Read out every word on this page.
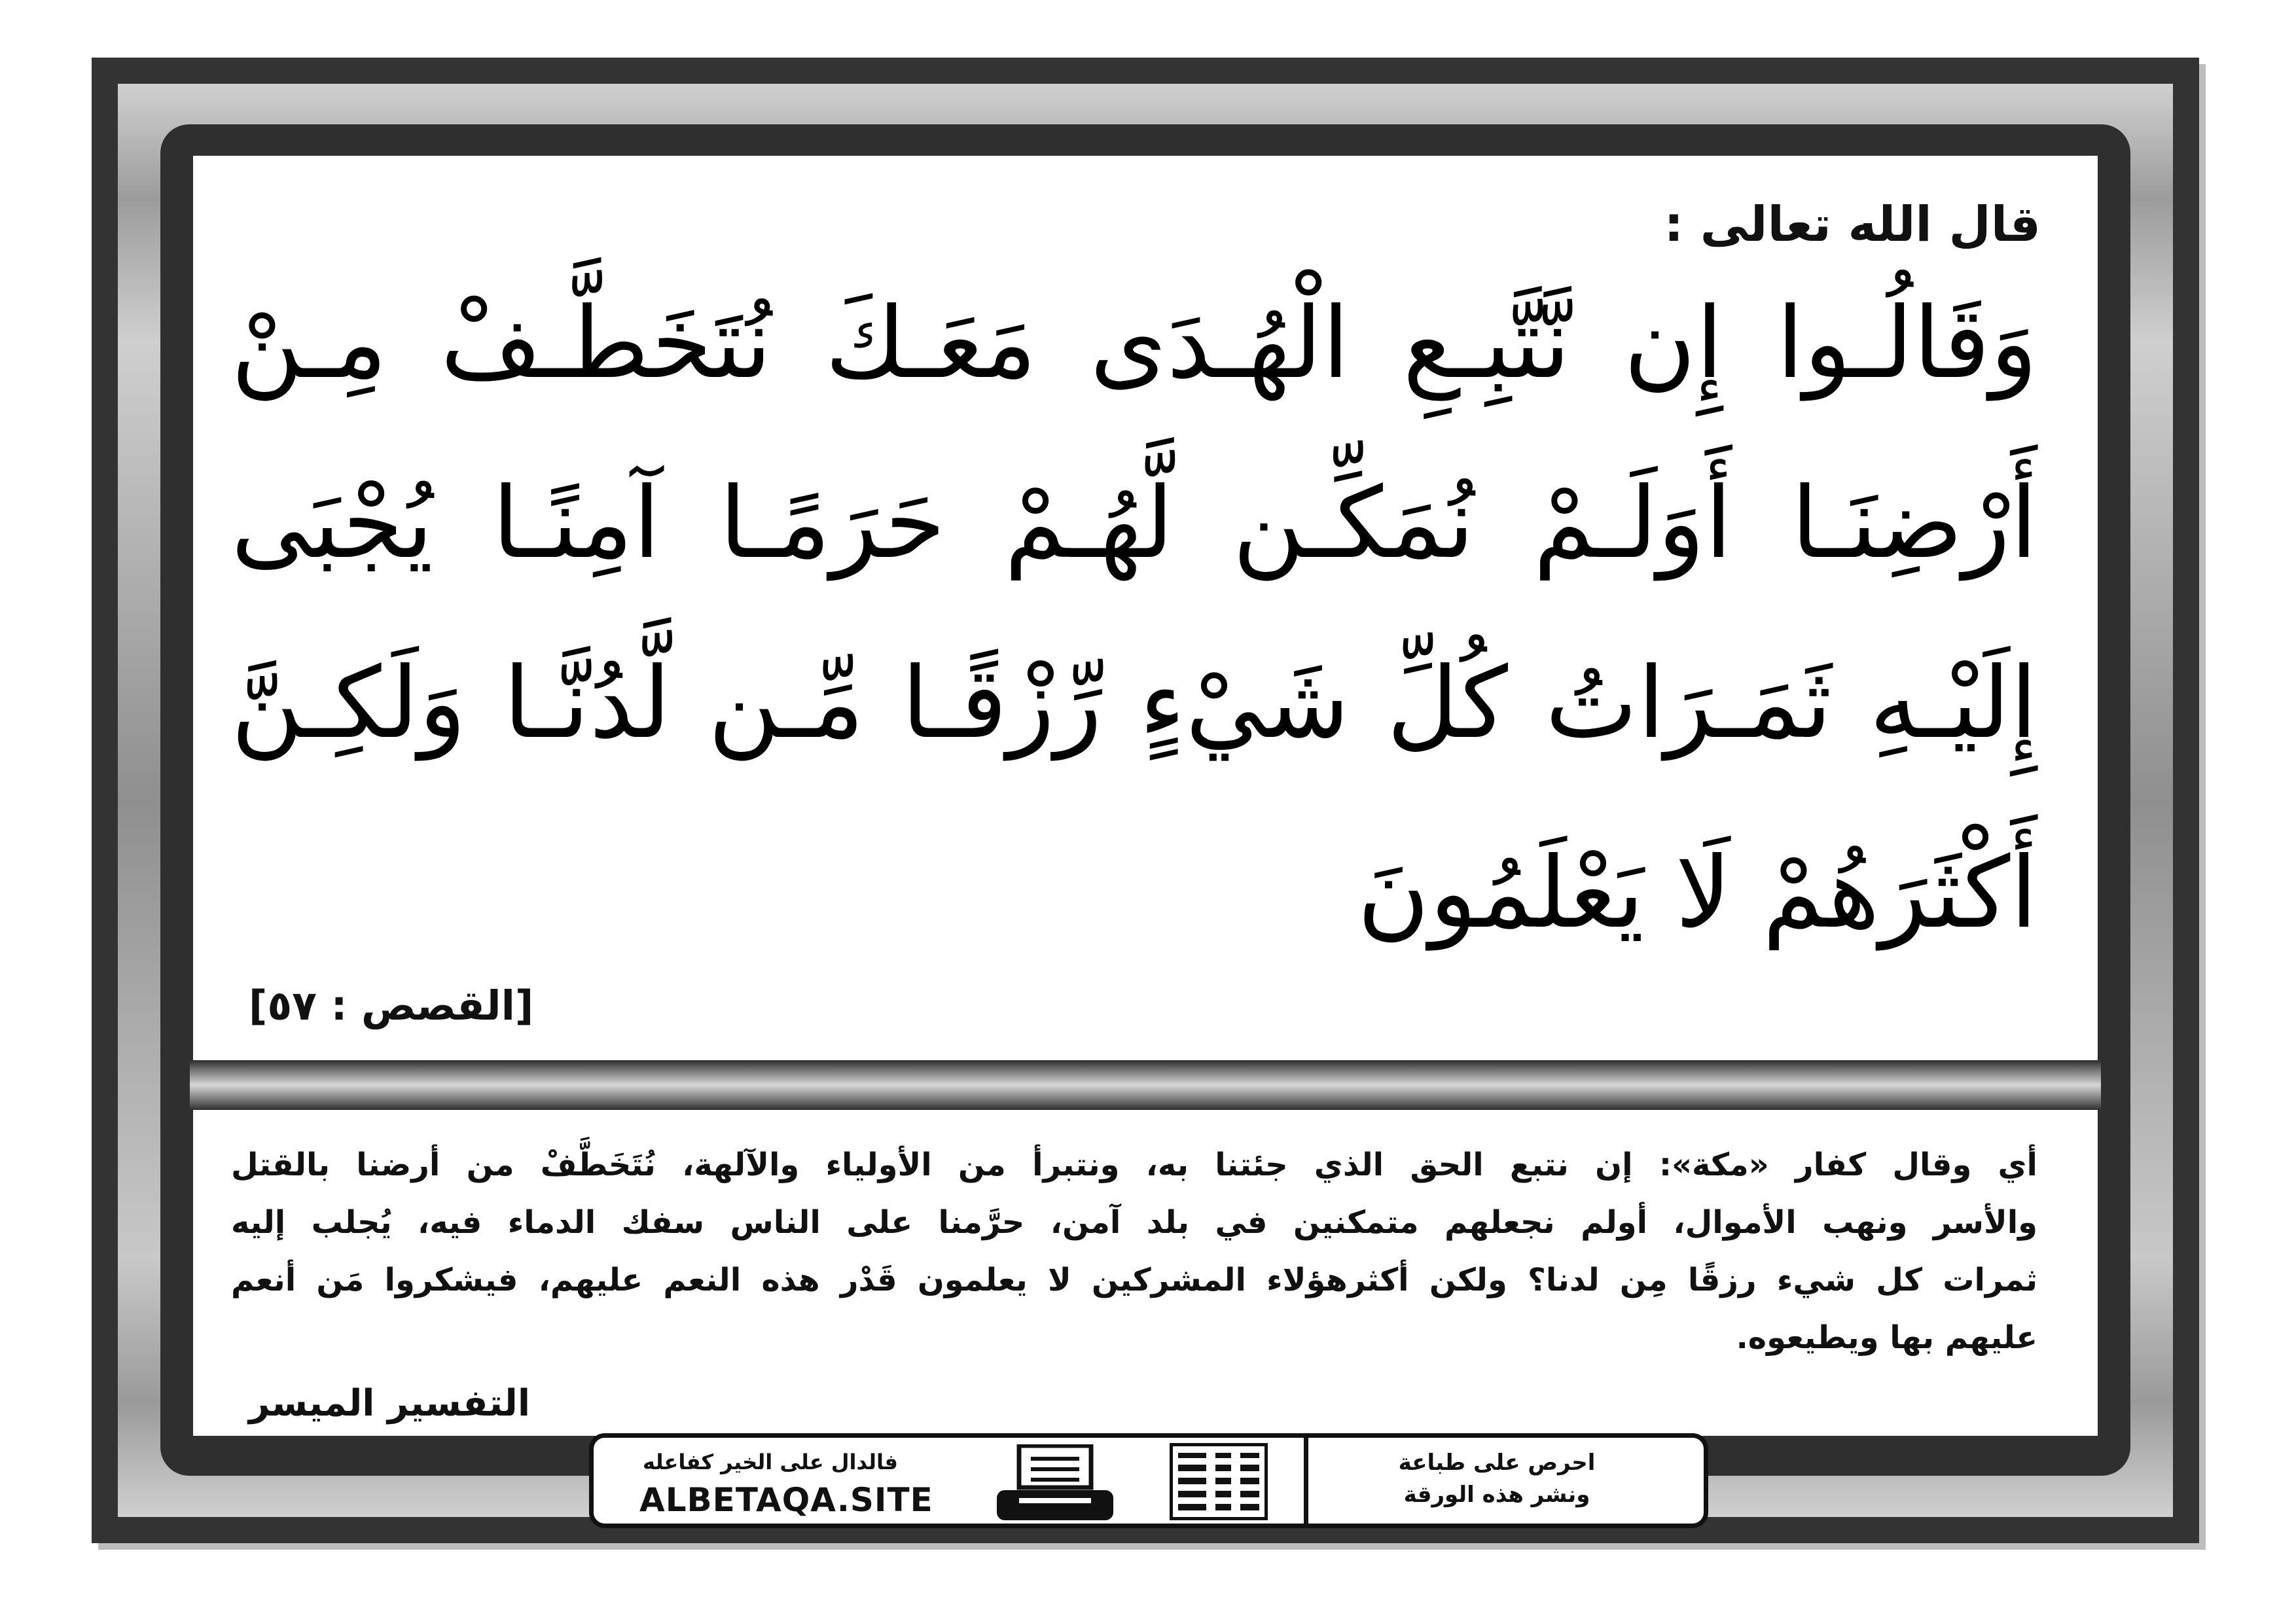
قال الله تعالى :
وَقَالُـوا إِن نَّتَّبِـعِ الْهُـدَى مَعَـكَ نُتَخَطَّـفْ مِـنْ
أَرْضِنَـا أَوَلَـمْ نُمَكِّـن لَّهُـمْ حَرَمًـا آمِنًـا يُجْبَى
إِلَيْـهِ ثَمَـرَاتُ كُلِّ شَيْءٍ رِّزْقًـا مِّـن لَّدُنَّـا وَلَكِـنَّ
أَكْثَرَهُمْ لَا يَعْلَمُونَ
[القصص : ٥٧]
أي وقال كفار «مكة»: إن نتبع الحق الذي جئتنا به، ونتبرأ من الأولياء والآلهة، نُتَخَطَّفْ من أرضنا بالقتل
والأسر ونهب الأموال، أولم نجعلهم متمكنين في بلد آمن، حرَّمنا على الناس سفك الدماء فيه، يُجلب إليه
ثمرات كل شيء رزقًا مِن لدنا؟ ولكن أكثرهؤلاء المشركين لا يعلمون قَدْر هذه النعم عليهم، فيشكروا مَن أنعم
عليهم بها ويطيعوه.
التفسير الميسر
فالدال على الخير كفاعله
ALBETAQA.SITE
احرص على طباعة
ونشر هذه الورقة
